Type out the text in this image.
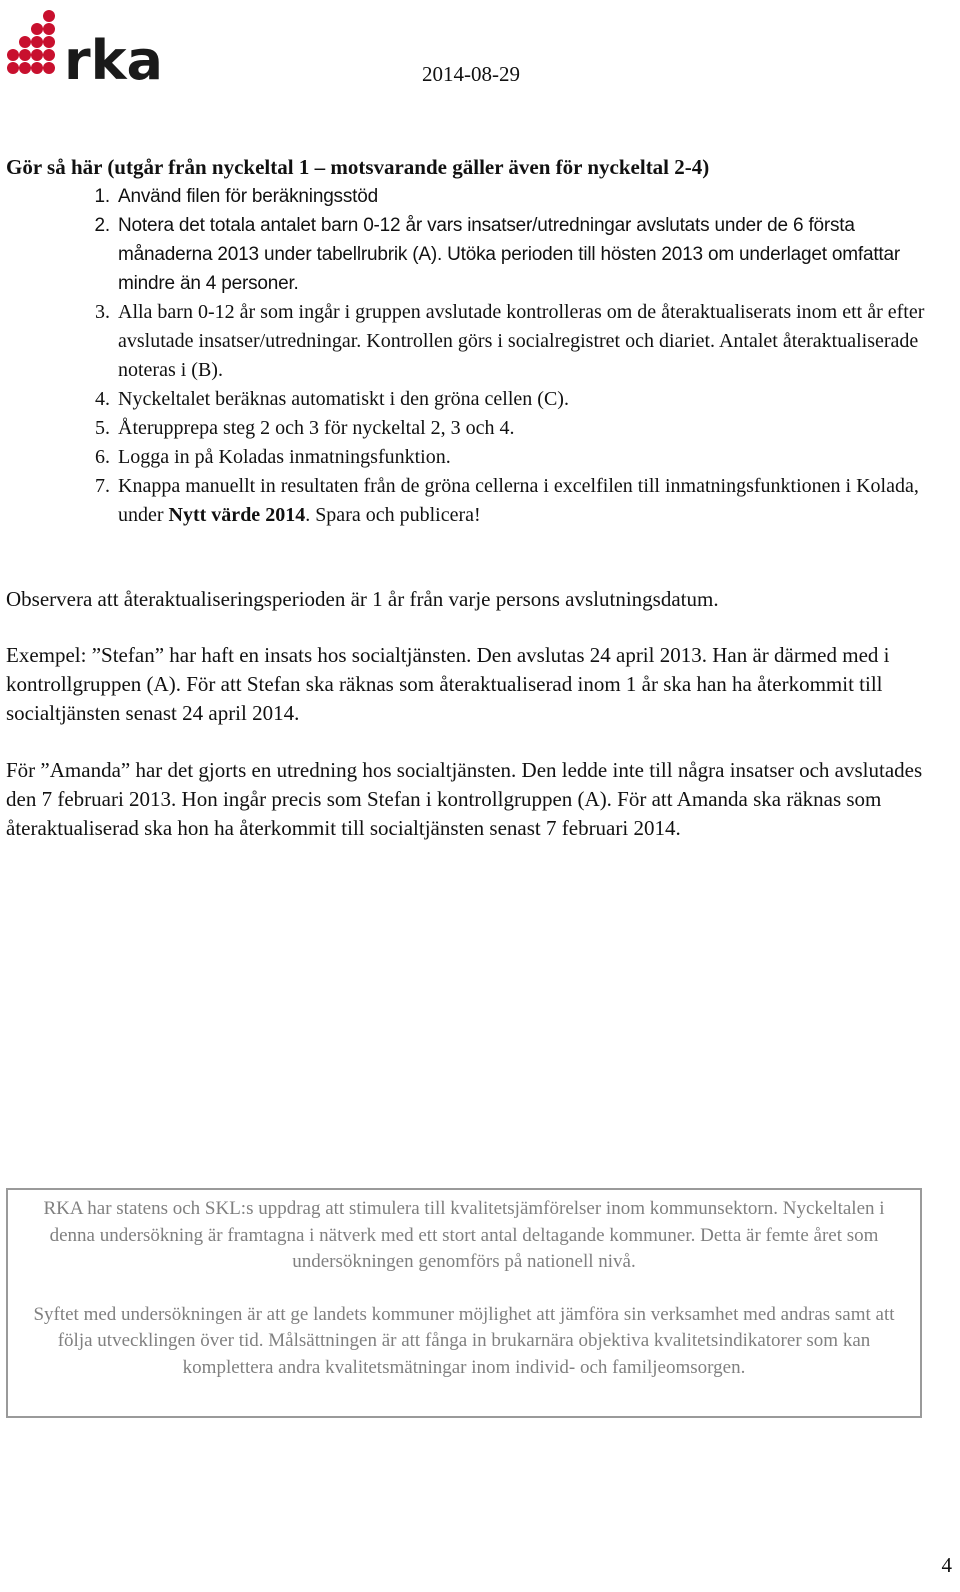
rka	2014-08-29
Gör så här (utgår från nyckeltal 1 – motsvarande gäller även för nyckeltal 2-4)
1. Använd filen för beräkningsstöd
2. Notera det totala antalet barn 0-12 år vars insatser/utredningar avslutats under de 6 första månaderna 2013 under tabellrubrik (A). Utöka perioden till hösten 2013 om underlaget omfattar mindre än 4 personer.
3. Alla barn 0-12 år som ingår i gruppen avslutade kontrolleras om de återaktualiserats inom ett år efter avslutade insatser/utredningar. Kontrollen görs i socialregistret och diariet. Antalet återaktualiserade noteras i (B).
4. Nyckeltalet beräknas automatiskt i den gröna cellen (C).
5. Återupprepa steg 2 och 3 för nyckeltal 2, 3 och 4.
6. Logga in på Koladas inmatningsfunktion.
7. Knappa manuellt in resultaten från de gröna cellerna i excelfilen till inmatningsfunktionen i Kolada, under Nytt värde 2014. Spara och publicera!

Observera att återaktualiseringsperioden är 1 år från varje persons avslutningsdatum.

Exempel: ”Stefan” har haft en insats hos socialtjänsten. Den avslutas 24 april 2013. Han är därmed med i kontrollgruppen (A). För att Stefan ska räknas som återaktualiserad inom 1 år ska han ha återkommit till socialtjänsten senast 24 april 2014.

För ”Amanda” har det gjorts en utredning hos socialtjänsten. Den ledde inte till några insatser och avslutades den 7 februari 2013. Hon ingår precis som Stefan i kontrollgruppen (A). För att Amanda ska räknas som återaktualiserad ska hon ha återkommit till socialtjänsten senast 7 februari 2014.

RKA har statens och SKL:s uppdrag att stimulera till kvalitetsjämförelser inom kommunsektorn. Nyckeltalen i denna undersökning är framtagna i nätverk med ett stort antal deltagande kommuner. Detta är femte året som undersökningen genomförs på nationell nivå.

Syftet med undersökningen är att ge landets kommuner möjlighet att jämföra sin verksamhet med andras samt att följa utvecklingen över tid. Målsättningen är att fånga in brukarnära objektiva kvalitetsindikatorer som kan komplettera andra kvalitetsmätningar inom individ- och familjeomsorgen.

4
